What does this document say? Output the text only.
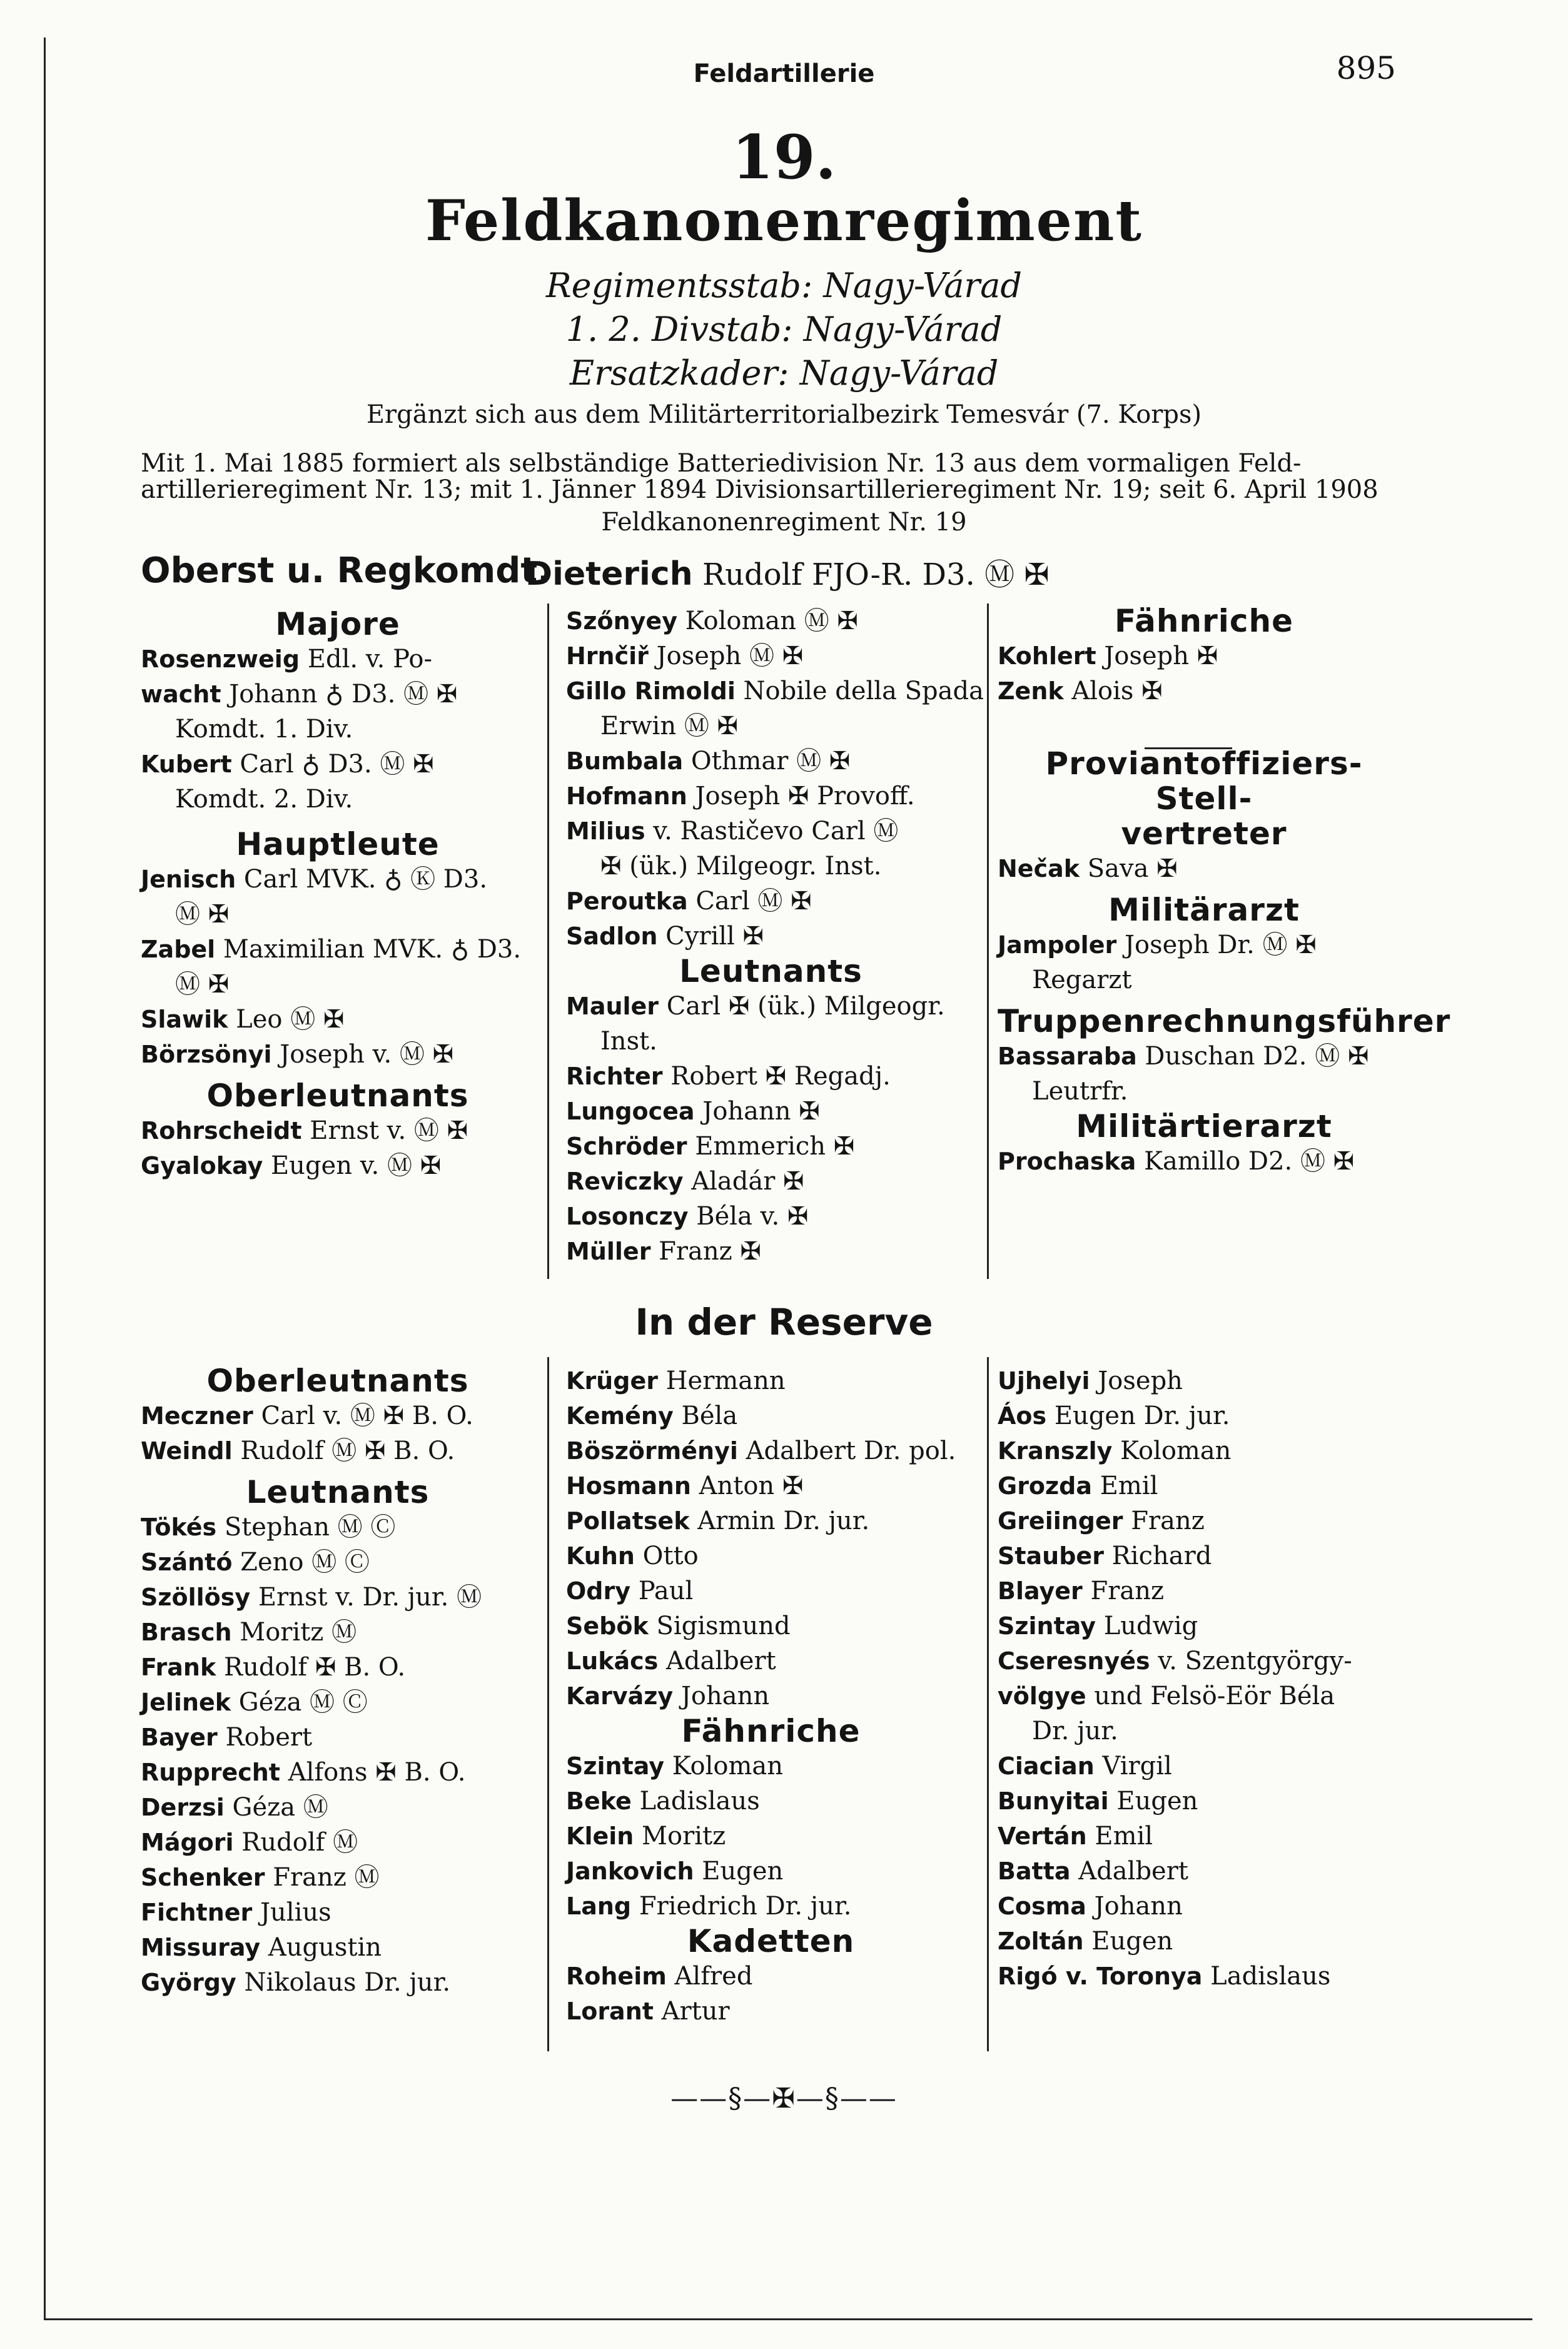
Feldartillerie	895
19.
Feldkanonenregiment
Regimentsstab: Nagy-Várad
1. 2. Divstab: Nagy-Várad
Ersatzkader: Nagy-Várad
Ergänzt sich aus dem Militärterritorialbezirk Temesvár (7. Korps)
Mit 1. Mai 1885 formiert als selbständige Batteriedivision Nr. 13 aus dem vormaligen Feld-
artillerieregiment Nr. 13; mit 1. Jänner 1894 Divisionsartillerieregiment Nr. 19; seit 6. April 1908
Feldkanonenregiment Nr. 19
Oberst u. Regkomdt.
Dieterich Rudolf FJO-R. D3. Ⓜ ✠
Majore
Rosenzweig Edl. v. Po-
wacht Johann ♁ D3. Ⓜ ✠
Komdt. 1. Div.
Kubert Carl ♁ D3. Ⓜ ✠
Komdt. 2. Div.
Hauptleute
Jenisch Carl MVK. ♁ Ⓚ D3.
Ⓜ ✠
Zabel Maximilian MVK. ♁ D3.
Ⓜ ✠
Slawik Leo Ⓜ ✠
Börzsönyi Joseph v. Ⓜ ✠
Oberleutnants
Rohrscheidt Ernst v. Ⓜ ✠
Gyalokay Eugen v. Ⓜ ✠
Szőnyey Koloman Ⓜ ✠
Hrnčiř Joseph Ⓜ ✠
Gillo Rimoldi Nobile della Spada
Erwin Ⓜ ✠
Bumbala Othmar Ⓜ ✠
Hofmann Joseph ✠ Provoff.
Milius v. Rastičevo Carl Ⓜ
✠ (ük.) Milgeogr. Inst.
Peroutka Carl Ⓜ ✠
Sadlon Cyrill ✠
Leutnants
Mauler Carl ✠ (ük.) Milgeogr.
Inst.
Richter Robert ✠ Regadj.
Lungocea Johann ✠
Schröder Emmerich ✠
Reviczky Aladár ✠
Losonczy Béla v. ✠
Müller Franz ✠
Fähnriche
Kohlert Joseph ✠
Zenk Alois ✠
Proviantoffiziers-Stell-
vertreter
Nečak Sava ✠
Militärarzt
Jampoler Joseph Dr. Ⓜ ✠
Regarzt
Truppenrechnungsführer
Bassaraba Duschan D2. Ⓜ ✠
Leutrfr.
Militärtierarzt
Prochaska Kamillo D2. Ⓜ ✠
In der Reserve
Oberleutnants
Meczner Carl v. Ⓜ ✠ B. O.
Weindl Rudolf Ⓜ ✠ B. O.
Leutnants
Tökés Stephan Ⓜ Ⓒ
Szántó Zeno Ⓜ Ⓒ
Szöllösy Ernst v. Dr. jur. Ⓜ
Brasch Moritz Ⓜ
Frank Rudolf ✠ B. O.
Jelinek Géza Ⓜ Ⓒ
Bayer Robert
Rupprecht Alfons ✠ B. O.
Derzsi Géza Ⓜ
Mágori Rudolf Ⓜ
Schenker Franz Ⓜ
Fichtner Julius
Missuray Augustin
György Nikolaus Dr. jur.
Krüger Hermann
Kemény Béla
Böszörményi Adalbert Dr. pol.
Hosmann Anton ✠
Pollatsek Armin Dr. jur.
Kuhn Otto
Odry Paul
Sebök Sigismund
Lukács Adalbert
Karvázy Johann
Fähnriche
Szintay Koloman
Beke Ladislaus
Klein Moritz
Jankovich Eugen
Lang Friedrich Dr. jur.
Kadetten
Roheim Alfred
Lorant Artur
Ujhelyi Joseph
Áos Eugen Dr. jur.
Kranszly Koloman
Grozda Emil
Greiinger Franz
Stauber Richard
Blayer Franz
Szintay Ludwig
Cseresnyés v. Szentgyörgy-
völgye und Felsö-Eör Béla
Dr. jur.
Ciacian Virgil
Bunyitai Eugen
Vertán Emil
Batta Adalbert
Cosma Johann
Zoltán Eugen
Rigó v. Toronya Ladislaus
——§—✠—§——
